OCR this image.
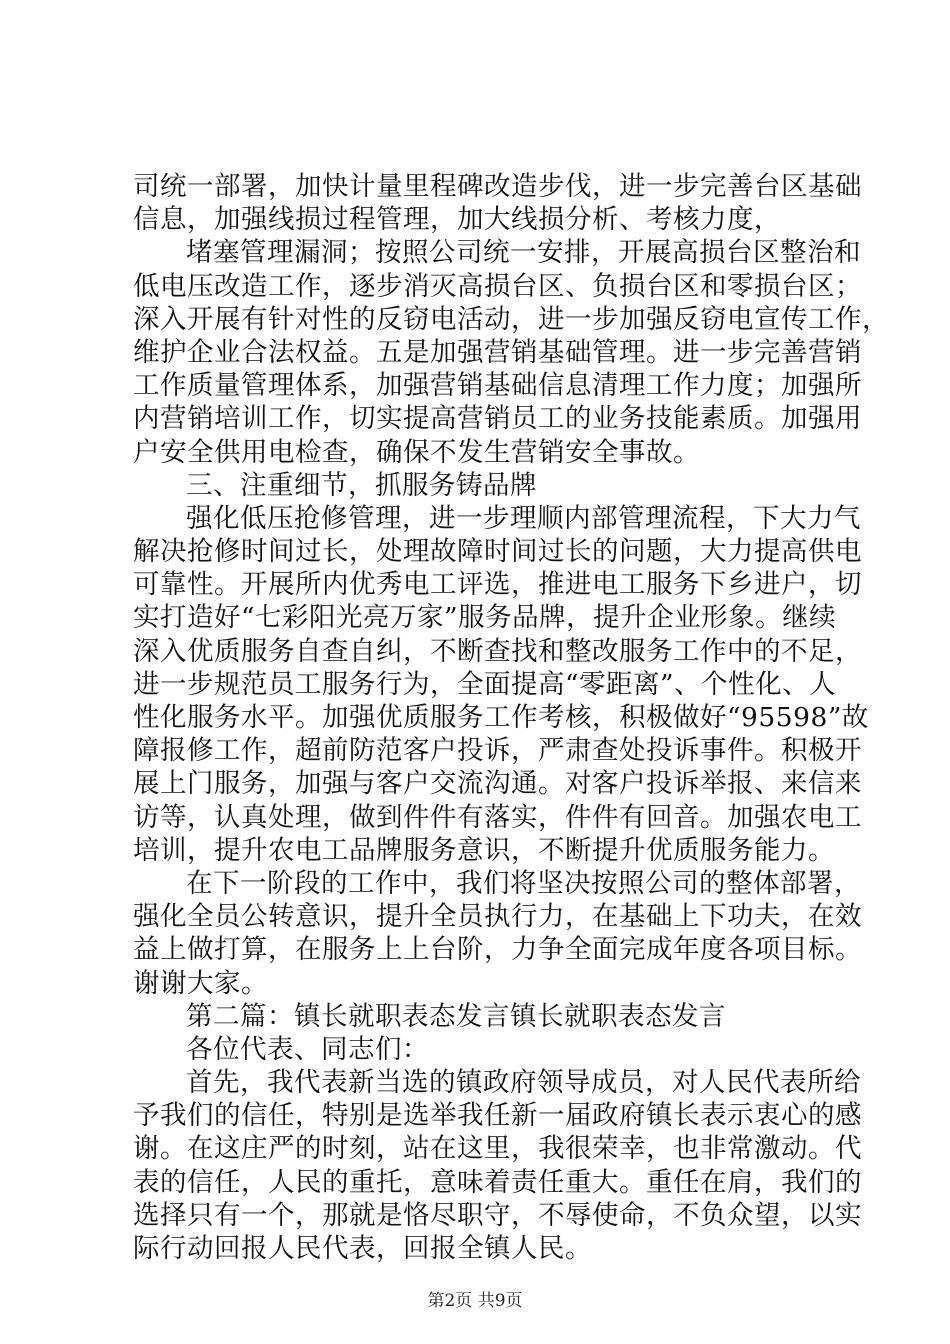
司统一部署，加快计量里程碑改造步伐，进一步完善台区基础
信息，加强线损过程管理，加大线损分析、考核力度，
堵塞管理漏洞；按照公司统一安排，开展高损台区整治和
低电压改造工作，逐步消灭高损台区、负损台区和零损台区；
深入开展有针对性的反窃电活动，进一步加强反窃电宣传工作，
维护企业合法权益。五是加强营销基础管理。进一步完善营销
工作质量管理体系，加强营销基础信息清理工作力度；加强所
内营销培训工作，切实提高营销员工的业务技能素质。加强用
户安全供用电检查，确保不发生营销安全事故。
三、注重细节，抓服务铸品牌
强化低压抢修管理，进一步理顺内部管理流程，下大力气
解决抢修时间过长，处理故障时间过长的问题，大力提高供电
可靠性。开展所内优秀电工评选，推进电工服务下乡进户，切
实打造好“七彩阳光亮万家”服务品牌，提升企业形象。继续
深入优质服务自查自纠，不断查找和整改服务工作中的不足，
进一步规范员工服务行为，全面提高“零距离”、个性化、人
性化服务水平。加强优质服务工作考核，积极做好“95598”故
障报修工作，超前防范客户投诉，严肃查处投诉事件。积极开
展上门服务，加强与客户交流沟通。对客户投诉举报、来信来
访等，认真处理，做到件件有落实，件件有回音。加强农电工
培训，提升农电工品牌服务意识，不断提升优质服务能力。
在下一阶段的工作中，我们将坚决按照公司的整体部署，
强化全员公转意识，提升全员执行力，在基础上下功夫，在效
益上做打算，在服务上上台阶，力争全面完成年度各项目标。
谢谢大家。
第二篇：镇长就职表态发言镇长就职表态发言
各位代表、同志们：
首先，我代表新当选的镇政府领导成员，对人民代表所给
予我们的信任，特别是选举我任新一届政府镇长表示衷心的感
谢。在这庄严的时刻，站在这里，我很荣幸，也非常激动。代
表的信任，人民的重托，意味着责任重大。重任在肩，我们的
选择只有一个，那就是恪尽职守，不辱使命，不负众望，以实
际行动回报人民代表，回报全镇人民。
第2页 共9页
